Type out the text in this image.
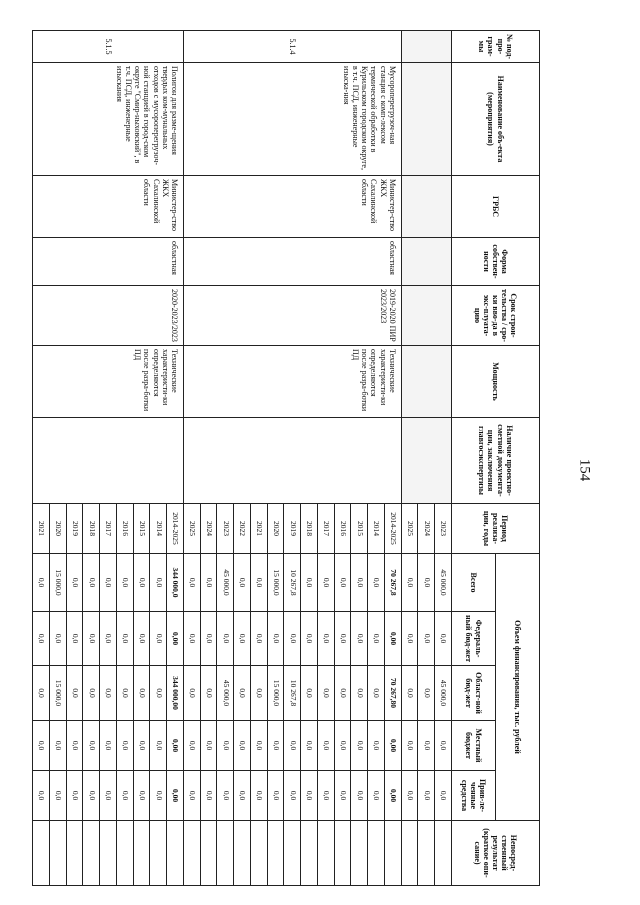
154
№ под-про-грам-мы	Наименование объ-екта (мероприятия)	ГРБС	Форма собствен-ности	Срок строи-тельства / сро-ки вво-да в экс-плуата-цию	Мощность	Наличие проектно-сметной документа-ции, заключения главгосэкспертизы	Период реализа-ции, годы	Объем финансирования, тыс. рублей					Непосред-ственный результат (краткое опи-сание)
								Всего	Федераль-ный бюд-жет	Област-ной бюд-жет	Местный бюджет	Прив-ле-ченные средства	
							2023	45 000,0	0,0	45 000,0	0,0	0,0	
							2024	0,0	0,0	0,0	0,0	0,0	
							2025	0,0	0,0	0,0	0,0	0,0	
5.1.4	Мусороперегрузоч-ная станция с комп-лексом термической обработки в Курильском городском округе, в т.ч. ПСД, инженерные изыска-ния	Министер-ство ЖКХ Сахалинской области	областная	2019-2020 ПИР 2023/2023	Технические характеристи-ки определяются после разра-ботки ПД		2014-2025	70 267,8	0,00	70 267,80	0,00	0,00	
							2014	0,0	0,0	0,0	0,0	0,0	
							2015	0,0	0,0	0,0	0,0	0,0	
							2016	0,0	0,0	0,0	0,0	0,0	
							2017	0,0	0,0	0,0	0,0	0,0	
							2018	0,0	0,0	0,0	0,0	0,0	
							2019	10 267,8	0,0	10 267,8	0,0	0,0	
							2020	15 000,0	0,0	15 000,0	0,0	0,0	
							2021	0,0	0,0	0,0	0,0	0,0	
							2022	0,0	0,0	0,0	0,0	0,0	
							2023	45 000,0	0,0	45 000,0	0,0	0,0	
							2024	0,0	0,0	0,0	0,0	0,0	
							2025	0,0	0,0	0,0	0,0	0,0	
5.1.5	Полигон для разме-щения твердых ком-мунальных отходов с мусороперегрузоч-ной станцией в город-ском округе "Смир-ныховский", в т.ч. ПСД, инженерные изыскания	Министер-ство ЖКХ Сахалинской области	областная	2020-2023/2023	Технические характеристи-ки определяются после разра-ботки ПД		2014-2025	344 000,0	0,00	344 000,00	0,00	0,00	
							2014	0,0	0,0	0,0	0,0	0,0	
							2015	0,0	0,0	0,0	0,0	0,0	
							2016	0,0	0,0	0,0	0,0	0,0	
							2017	0,0	0,0	0,0	0,0	0,0	
							2018	0,0	0,0	0,0	0,0	0,0	
							2019	0,0	0,0	0,0	0,0	0,0	
							2020	15 000,0	0,0	15 000,0	0,0	0,0	
							2021	0,0	0,0	0,0	0,0	0,0	
